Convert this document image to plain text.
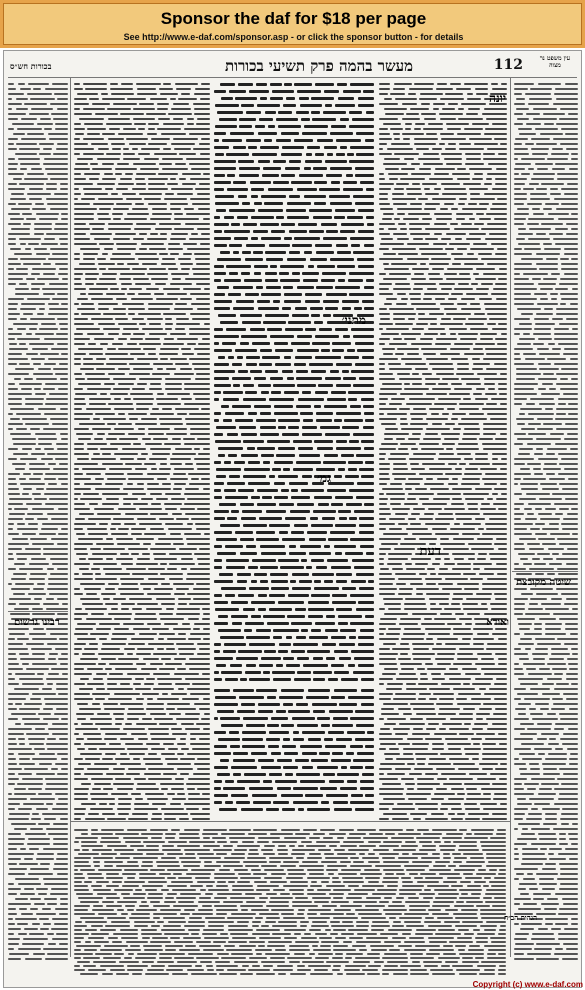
Sponsor the daf for $18 per page
See http://www.e-daf.com/sponsor.asp - or click the sponsor button - for details
מעשר בהמה פרק תשיעי בכורות	112	עין משפט נר מצוה
בכורות חש״ס
יונה
מתני׳
גמ׳
שיטה מקובצת
רבינו גרשום
דעת
ואודא
הגהות הב״ח
Copyright (c) www.e-daf.com
